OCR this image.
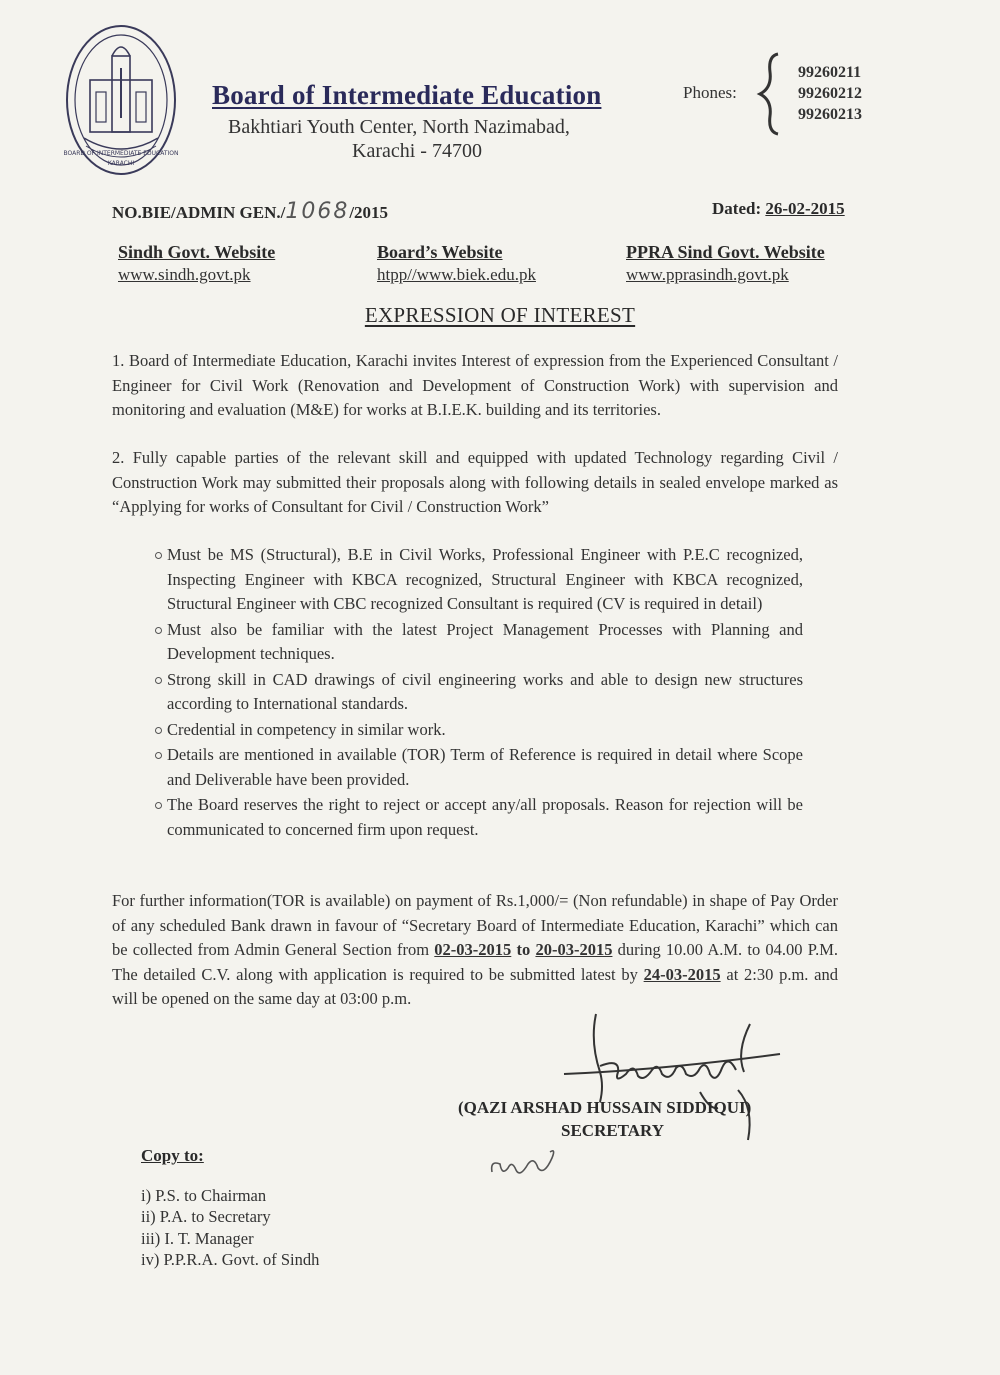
BOARD OF INTERMEDIATE EDUCATION
KARACHI
Board of Intermediate Education
Bakhtiari Youth Center, North Nazimabad,
Karachi - 74700
Phones:
99260211
99260212
99260213
NO.BIE/ADMIN GEN./1068/2015	Dated: 26-02-2015
Sindh Govt. Website
www.sindh.govt.pk
Board’s Website
htpp//www.biek.edu.pk
PPRA Sind Govt. Website
www.pprasindh.govt.pk
EXPRESSION OF INTEREST
1. Board of Intermediate Education, Karachi invites Interest of expression from the Experienced Consultant / Engineer for Civil Work (Renovation and Development of Construction Work) with supervision and monitoring and evaluation (M&E) for works at B.I.E.K. building and its territories.
2. Fully capable parties of the relevant skill and equipped with updated Technology regarding Civil / Construction Work may submitted their proposals along with following details in sealed envelope marked as “Applying for works of Consultant for Civil / Construction Work”
Must be MS (Structural), B.E in Civil Works, Professional Engineer with P.E.C recognized, Inspecting Engineer with KBCA recognized, Structural Engineer with KBCA recognized, Structural Engineer with CBC recognized Consultant is required (CV is required in detail)
Must also be familiar with the latest Project Management Processes with Planning and Development techniques.
Strong skill in CAD drawings of civil engineering works and able to design new structures according to International standards.
Credential in competency in similar work.
Details are mentioned in available (TOR) Term of Reference is required in detail where Scope and Deliverable have been provided.
The Board reserves the right to reject or accept any/all proposals. Reason for rejection will be communicated to concerned firm upon request.
For further information(TOR is available) on payment of Rs.1,000/= (Non refundable) in shape of Pay Order of any scheduled Bank drawn in favour of “Secretary Board of Intermediate Education, Karachi” which can be collected from Admin General Section from 02-03-2015 to 20-03-2015 during 10.00 A.M. to 04.00 P.M. The detailed C.V. along with application is required to be submitted latest by 24-03-2015 at 2:30 p.m. and will be opened on the same day at 03:00 p.m.
(QAZI ARSHAD HUSSAIN SIDDIQUI)
SECRETARY
Copy to:
i) P.S. to Chairman
ii) P.A. to Secretary
iii) I. T. Manager
iv) P.P.R.A. Govt. of Sindh
